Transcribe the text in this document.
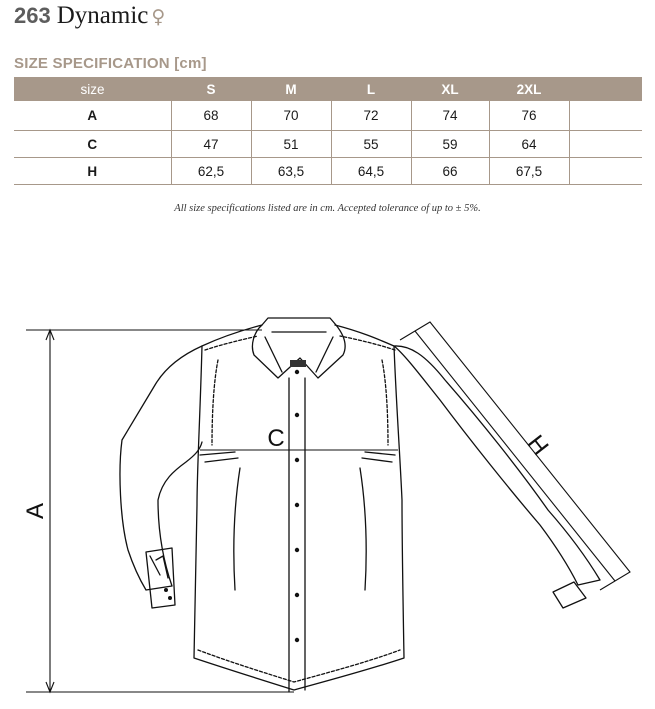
263 Dynamic ♀
SIZE SPECIFICATION [cm]
size	S	M	L	XL	2XL	
A	68	70	72	74	76	
C	47	51	55	59	64	
H	62,5	63,5	64,5	66	67,5	
All size specifications listed are in cm. Accepted tolerance of up to ± 5%.
A
C	H
